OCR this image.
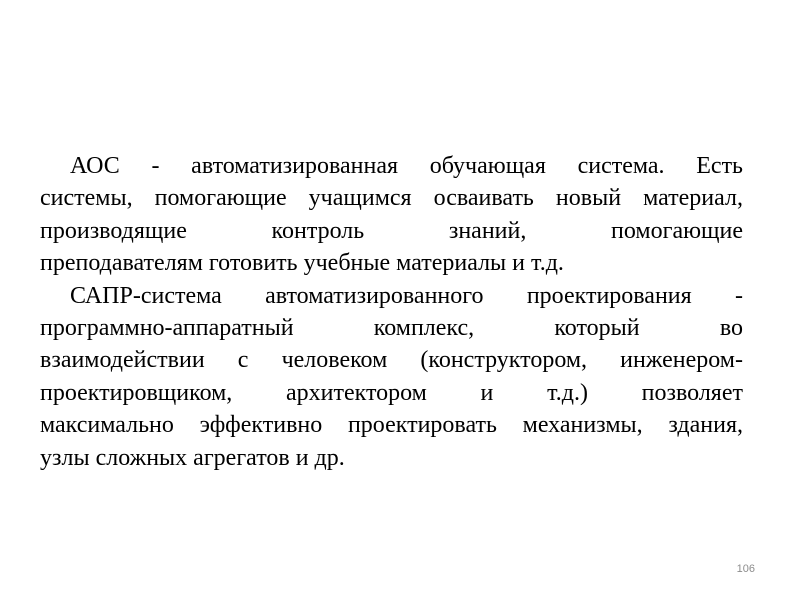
АОС - автоматизированная обучающая система. Есть
системы, помогающие учащимся осваивать новый материал,
производящие контроль знаний, помогающие
преподавателям готовить учебные материалы и т.д.
САПР-система автоматизированного проектирования -
программно-аппаратный комплекс, который во
взаимодействии с человеком (конструктором, инженером-
проектировщиком, архитектором и т.д.) позволяет
максимально эффективно проектировать механизмы, здания,
узлы сложных агрегатов и др.
106
